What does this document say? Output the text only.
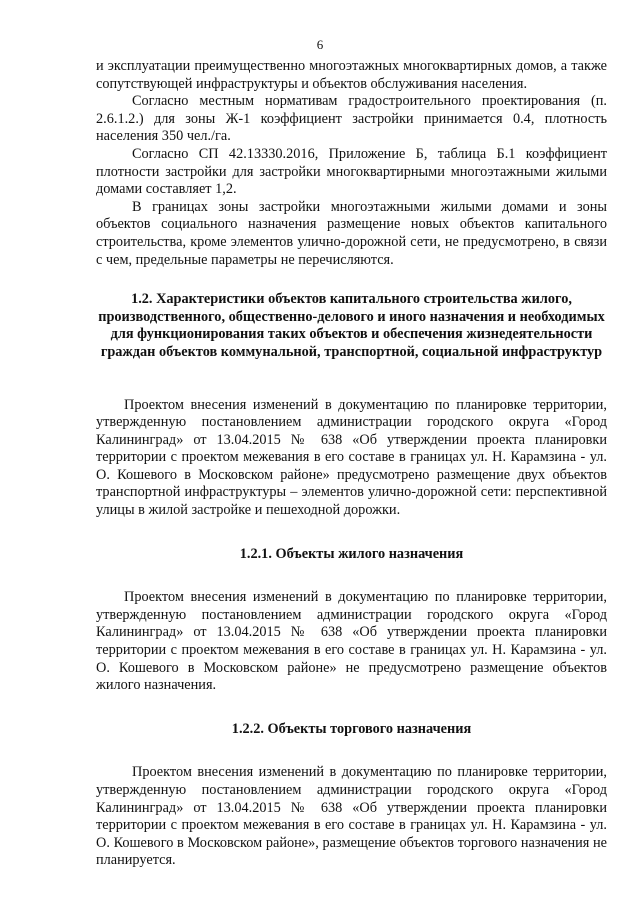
6

и эксплуатации преимущественно многоэтажных многоквартирных домов, а также сопутствующей инфраструктуры и объектов обслуживания населения.

Согласно местным нормативам градостроительного проектирования (п. 2.6.1.2.) для зоны Ж-1 коэффициент застройки принимается 0.4, плотность населения 350 чел./га.

Согласно СП 42.13330.2016, Приложение Б, таблица Б.1 коэффициент плотности застройки для застройки многоквартирными многоэтажными жилыми домами составляет 1,2.

В границах зоны застройки многоэтажными жилыми домами и зоны объектов социального назначения размещение новых объектов капитального строительства, кроме элементов улично-дорожной сети, не предусмотрено, в связи с чем, предельные параметры не перечисляются.

1.2. Характеристики объектов капитального строительства жилого, производственного, общественно-делового и иного назначения и необходимых для функционирования таких объектов и обеспечения жизнедеятельности граждан объектов коммунальной, транспортной, социальной инфраструктур

Проектом внесения изменений в документацию по планировке территории, утвержденную постановлением администрации городского округа «Город Калининград» от 13.04.2015 № 638 «Об утверждении проекта планировки территории с проектом межевания в его составе в границах ул. Н. Карамзина - ул. О. Кошевого в Московском районе» предусмотрено размещение двух объектов транспортной инфраструктуры – элементов улично-дорожной сети: перспективной улицы в жилой застройке и пешеходной дорожки.

1.2.1. Объекты жилого назначения

Проектом внесения изменений в документацию по планировке территории, утвержденную постановлением администрации городского округа «Город Калининград» от 13.04.2015 № 638 «Об утверждении проекта планировки территории с проектом межевания в его составе в границах ул. Н. Карамзина - ул. О. Кошевого в Московском районе» не предусмотрено размещение объектов жилого назначения.

1.2.2. Объекты торгового назначения

Проектом внесения изменений в документацию по планировке территории, утвержденную постановлением администрации городского округа «Город Калининград» от 13.04.2015 № 638 «Об утверждении проекта планировки территории с проектом межевания в его составе в границах ул. Н. Карамзина - ул. О. Кошевого в Московском районе», размещение объектов торгового назначения не планируется.
